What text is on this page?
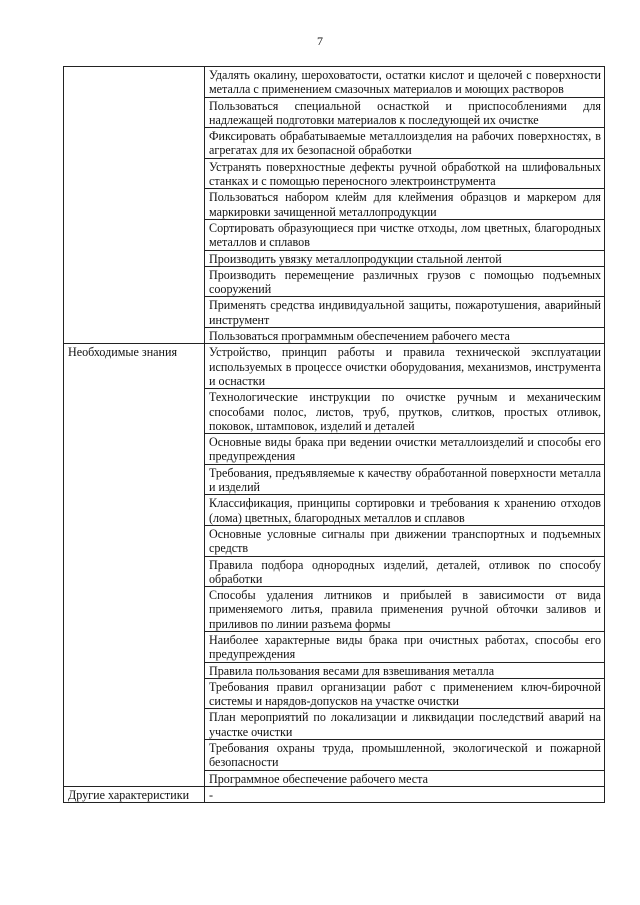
7
	Удалять окалину, шероховатости, остатки кислот и щелочей с поверхности металла с применением смазочных материалов и моющих растворов
	Пользоваться специальной оснасткой и приспособлениями для надлежащей подготовки материалов к последующей их очистке
	Фиксировать обрабатываемые металлоизделия на рабочих поверхностях, в агрегатах для их безопасной обработки
	Устранять поверхностные дефекты ручной обработкой на шлифовальных станках и с помощью переносного электроинструмента
	Пользоваться набором клейм для клеймения образцов и маркером для маркировки зачищенной металлопродукции
	Сортировать образующиеся при чистке отходы, лом цветных, благородных металлов и сплавов
	Производить увязку металлопродукции стальной лентой
	Производить перемещение различных грузов с помощью подъемных сооружений
	Применять средства индивидуальной защиты, пожаротушения, аварийный инструмент
	Пользоваться программным обеспечением рабочего места
Необходимые знания	Устройство, принцип работы и правила технической эксплуатации используемых в процессе очистки оборудования, механизмов, инструмента и оснастки
	Технологические инструкции по очистке ручным и механическим способами полос, листов, труб, прутков, слитков, простых отливок, поковок, штамповок, изделий и деталей
	Основные виды брака при ведении очистки металлоизделий и способы его предупреждения
	Требования, предъявляемые к качеству обработанной поверхности металла и изделий
	Классификация, принципы сортировки и требования к хранению отходов (лома) цветных, благородных металлов и сплавов
	Основные условные сигналы при движении транспортных и подъемных средств
	Правила подбора однородных изделий, деталей, отливок по способу обработки
	Способы удаления литников и прибылей в зависимости от вида применяемого литья, правила применения ручной обточки заливов и приливов по линии разъема формы
	Наиболее характерные виды брака при очистных работах, способы его предупреждения
	Правила пользования весами для взвешивания металла
	Требования правил организации работ с применением ключ-бирочной системы и нарядов-допусков на участке очистки
	План мероприятий по локализации и ликвидации последствий аварий на участке очистки
	Требования охраны труда, промышленной, экологической и пожарной безопасности
	Программное обеспечение рабочего места
Другие характеристики	-
